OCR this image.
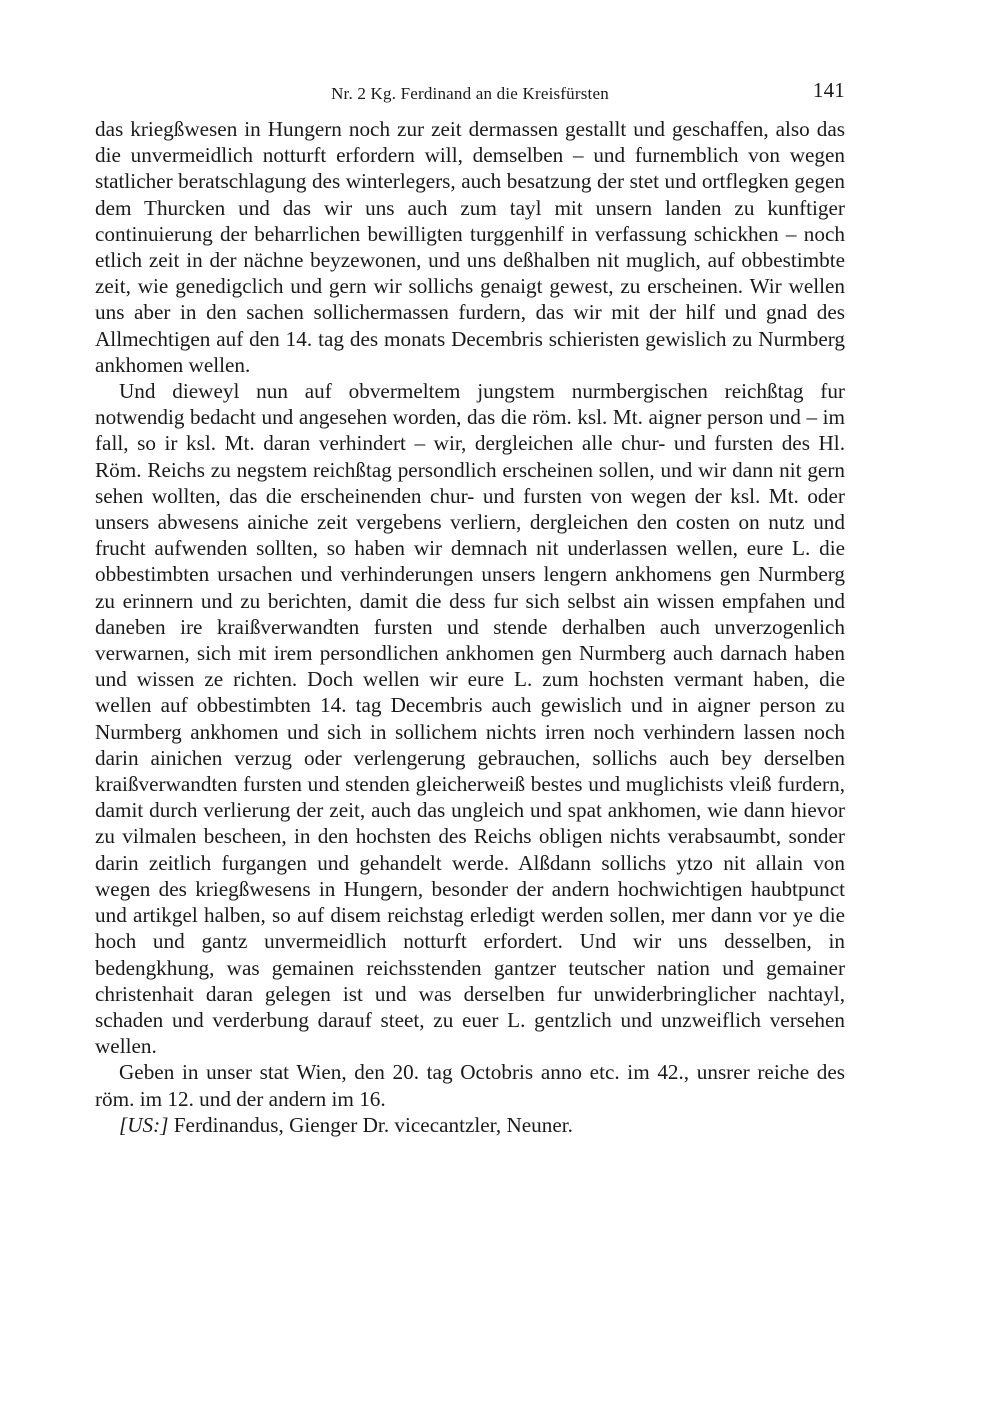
Nr. 2 Kg. Ferdinand an die Kreisfürsten	141

das kriegßwesen in Hungern noch zur zeit dermassen gestallt und geschaffen, also das die unvermeidlich notturft erfordern will, demselben – und furnemblich von wegen statlicher beratschlagung des winterlegers, auch besatzung der stet und ortflegken gegen dem Thurcken und das wir uns auch zum tayl mit unsern landen zu kunftiger continuierung der beharrlichen bewilligten turggenhilf in verfassung schickhen – noch etlich zeit in der nächne beyzewonen, und uns deßhalben nit muglich, auf obbestimbte zeit, wie genedigclich und gern wir sollichs genaigt gewest, zu erscheinen. Wir wellen uns aber in den sachen sollichermassen furdern, das wir mit der hilf und gnad des Allmechtigen auf den 14. tag des monats Decembris schieristen gewislich zu Nurmberg ankhomen wellen.

Und dieweyl nun auf obvermeltem jungstem nurmbergischen reichßtag fur notwendig bedacht und angesehen worden, das die röm. ksl. Mt. aigner person und – im fall, so ir ksl. Mt. daran verhindert – wir, dergleichen alle chur- und fursten des Hl. Röm. Reichs zu negstem reichßtag persondlich erscheinen sollen, und wir dann nit gern sehen wollten, das die erscheinenden chur- und fursten von wegen der ksl. Mt. oder unsers abwesens ainiche zeit vergebens verliern, dergleichen den costen on nutz und frucht aufwenden sollten, so haben wir demnach nit underlassen wellen, eure L. die obbestimbten ursachen und verhinderungen unsers lengern ankhomens gen Nurmberg zu erinnern und zu berichten, damit die dess fur sich selbst ain wissen empfahen und daneben ire kraißverwandten fursten und stende derhalben auch unverzogenlich verwarnen, sich mit irem persondlichen ankhomen gen Nurmberg auch darnach haben und wissen ze richten. Doch wellen wir eure L. zum hochsten vermant haben, die wellen auf obbestimbten 14. tag Decembris auch gewislich und in aigner person zu Nurmberg ankhomen und sich in sollichem nichts irren noch verhindern lassen noch darin ainichen verzug oder verlengerung gebrauchen, sollichs auch bey derselben kraißverwandten fursten und stenden gleicherweiß bestes und muglichists vleiß furdern, damit durch verlierung der zeit, auch das ungleich und spat ankhomen, wie dann hievor zu vilmalen bescheen, in den hochsten des Reichs obligen nichts verabsaumbt, sonder darin zeitlich furgangen und gehandelt werde. Alßdann sollichs ytzo nit allain von wegen des kriegßwesens in Hungern, besonder der andern hochwichtigen haubtpunct und artikgel halben, so auf disem reichstag erledigt werden sollen, mer dann vor ye die hoch und gantz unvermeidlich notturft erfordert. Und wir uns desselben, in bedengkhung, was gemainen reichsstenden gantzer teutscher nation und gemainer christenhait daran gelegen ist und was derselben fur unwiderbringlicher nachtayl, schaden und verderbung darauf steet, zu euer L. gentzlich und unzweiflich versehen wellen.

Geben in unser stat Wien, den 20. tag Octobris anno etc. im 42., unsrer reiche des röm. im 12. und der andern im 16.

[US:] Ferdinandus, Gienger Dr. vicecantzler, Neuner.
